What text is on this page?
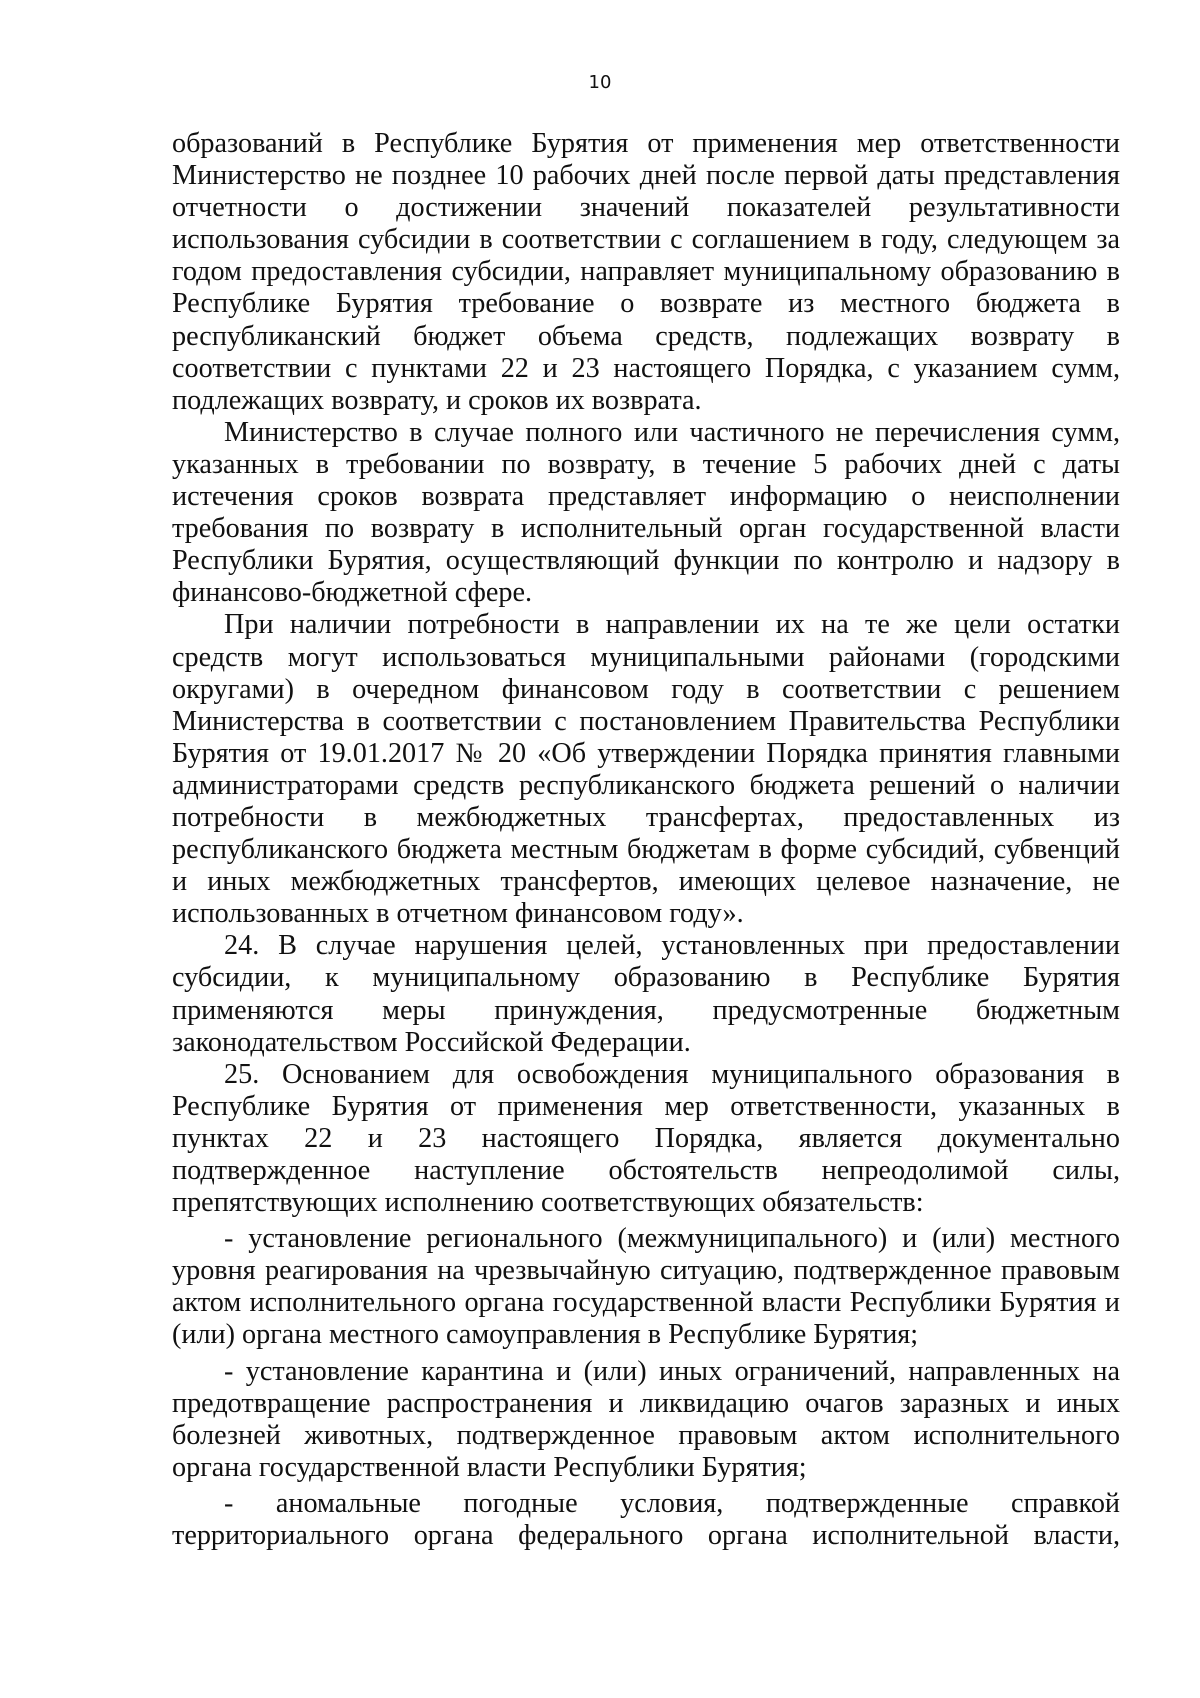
10

образований в Республике Бурятия от применения мер ответственности Министерство не позднее 10 рабочих дней после первой даты представления отчетности о достижении значений показателей результативности использования субсидии в соответствии с соглашением в году, следующем за годом предоставления субсидии, направляет муниципальному образованию в Республике Бурятия требование о возврате из местного бюджета в республиканский бюджет объема средств, подлежащих возврату в соответствии с пунктами 22 и 23 настоящего Порядка, с указанием сумм, подлежащих возврату, и сроков их возврата.

Министерство в случае полного или частичного не перечисления сумм, указанных в требовании по возврату, в течение 5 рабочих дней с даты истечения сроков возврата представляет информацию о неисполнении требования по возврату в исполнительный орган государственной власти Республики Бурятия, осуществляющий функции по контролю и надзору в финансово-бюджетной сфере.

При наличии потребности в направлении их на те же цели остатки средств могут использоваться муниципальными районами (городскими округами) в очередном финансовом году в соответствии с решением Министерства в соответствии с постановлением Правительства Республики Бурятия от 19.01.2017 № 20 «Об утверждении Порядка принятия главными администраторами средств республиканского бюджета решений о наличии потребности в межбюджетных трансфертах, предоставленных из республиканского бюджета местным бюджетам в форме субсидий, субвенций и иных межбюджетных трансфертов, имеющих целевое назначение, не использованных в отчетном финансовом году».

24. В случае нарушения целей, установленных при предоставлении субсидии, к муниципальному образованию в Республике Бурятия применяются меры принуждения, предусмотренные бюджетным законодательством Российской Федерации.

25. Основанием для освобождения муниципального образования в Республике Бурятия от применения мер ответственности, указанных в пунктах 22 и 23 настоящего Порядка, является документально подтвержденное наступление обстоятельств непреодолимой силы, препятствующих исполнению соответствующих обязательств:

- установление регионального (межмуниципального) и (или) местного уровня реагирования на чрезвычайную ситуацию, подтвержденное правовым актом исполнительного органа государственной власти Республики Бурятия и (или) органа местного самоуправления в Республике Бурятия;

- установление карантина и (или) иных ограничений, направленных на предотвращение распространения и ликвидацию очагов заразных и иных болезней животных, подтвержденное правовым актом исполнительного органа государственной власти Республики Бурятия;

- аномальные погодные условия, подтвержденные справкой территориального органа федерального органа исполнительной власти,
